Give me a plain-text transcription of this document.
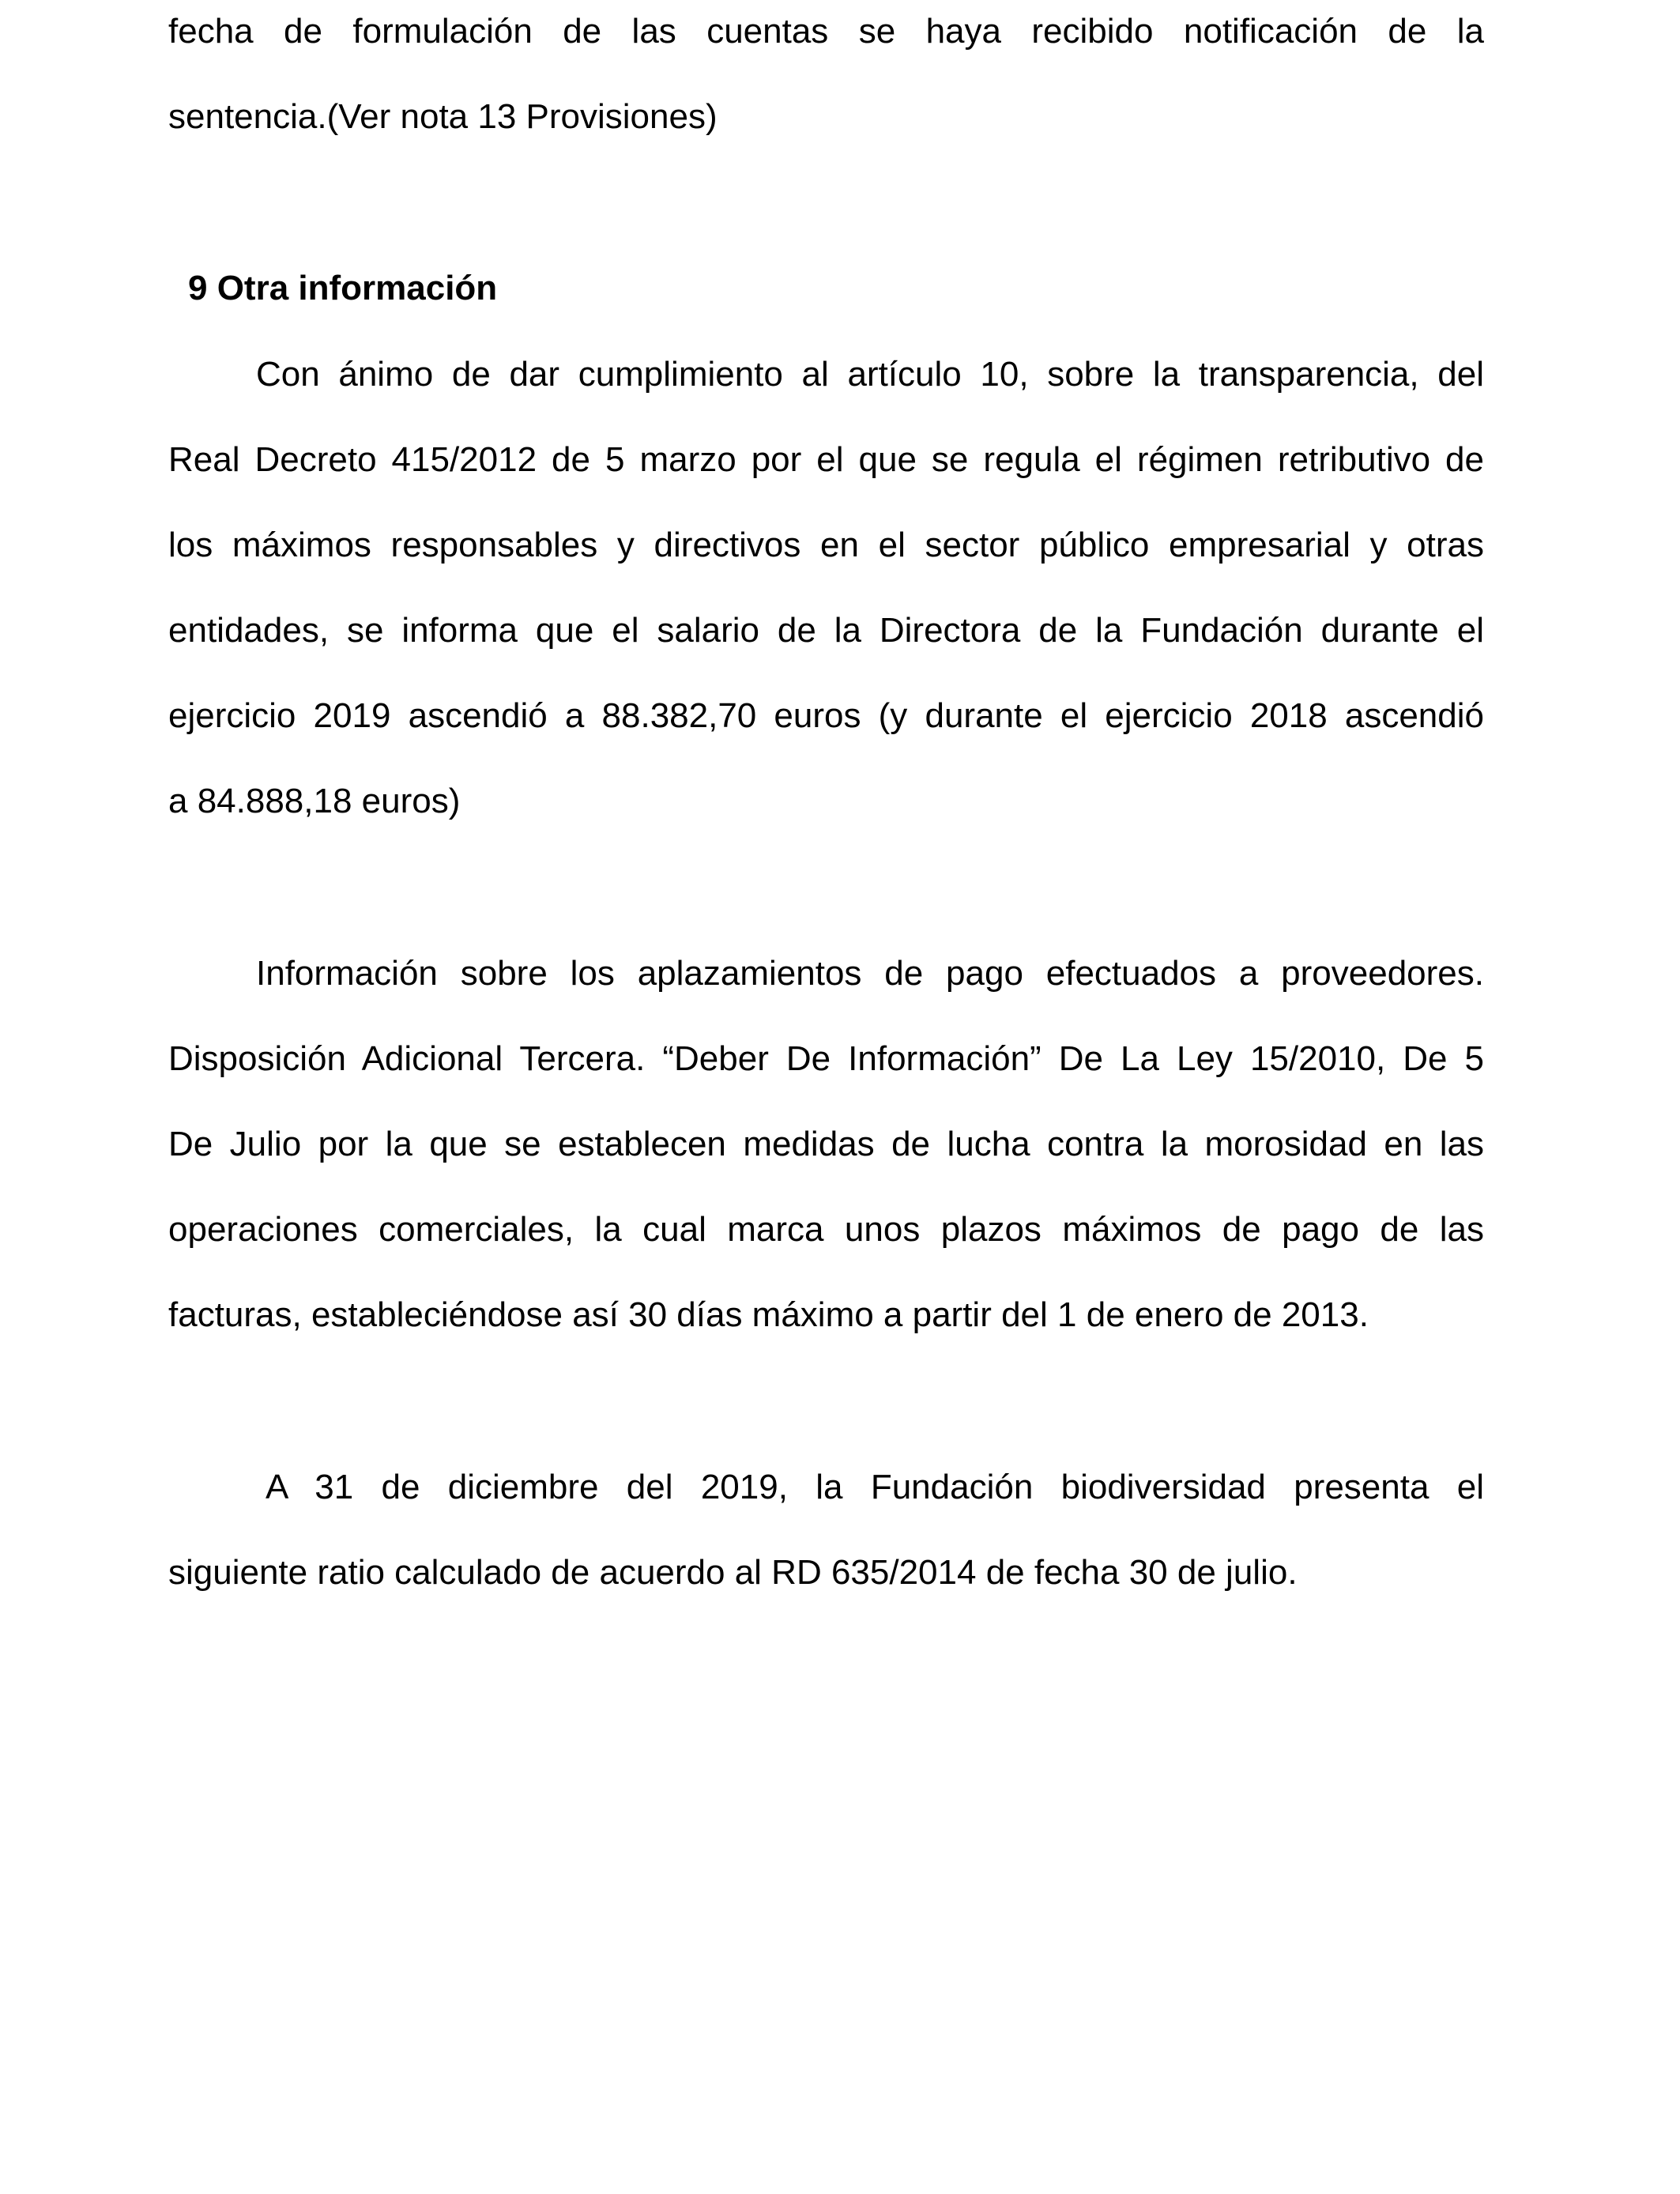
fecha de formulación de las cuentas se haya recibido notificación de la
sentencia.(Ver nota 13 Provisiones)
9 Otra información
Con ánimo de dar cumplimiento al artículo 10, sobre la transparencia, del
Real Decreto 415/2012 de 5 marzo por el que se regula el régimen retributivo de
los máximos responsables y directivos en el sector público empresarial y otras
entidades, se informa que el salario de la Directora de la Fundación durante el
ejercicio 2019 ascendió a 88.382,70 euros (y durante el ejercicio 2018 ascendió
a 84.888,18 euros)
Información sobre los aplazamientos de pago efectuados a proveedores.
Disposición Adicional Tercera. “Deber De Información” De La Ley 15/2010, De 5
De Julio por la que se establecen medidas de lucha contra la morosidad en las
operaciones comerciales, la cual marca unos plazos máximos de pago de las
facturas, estableciéndose así 30 días máximo a partir del 1 de enero de 2013.
A 31 de diciembre del 2019, la Fundación biodiversidad presenta el
siguiente ratio calculado de acuerdo al RD 635/2014 de fecha 30 de julio.
